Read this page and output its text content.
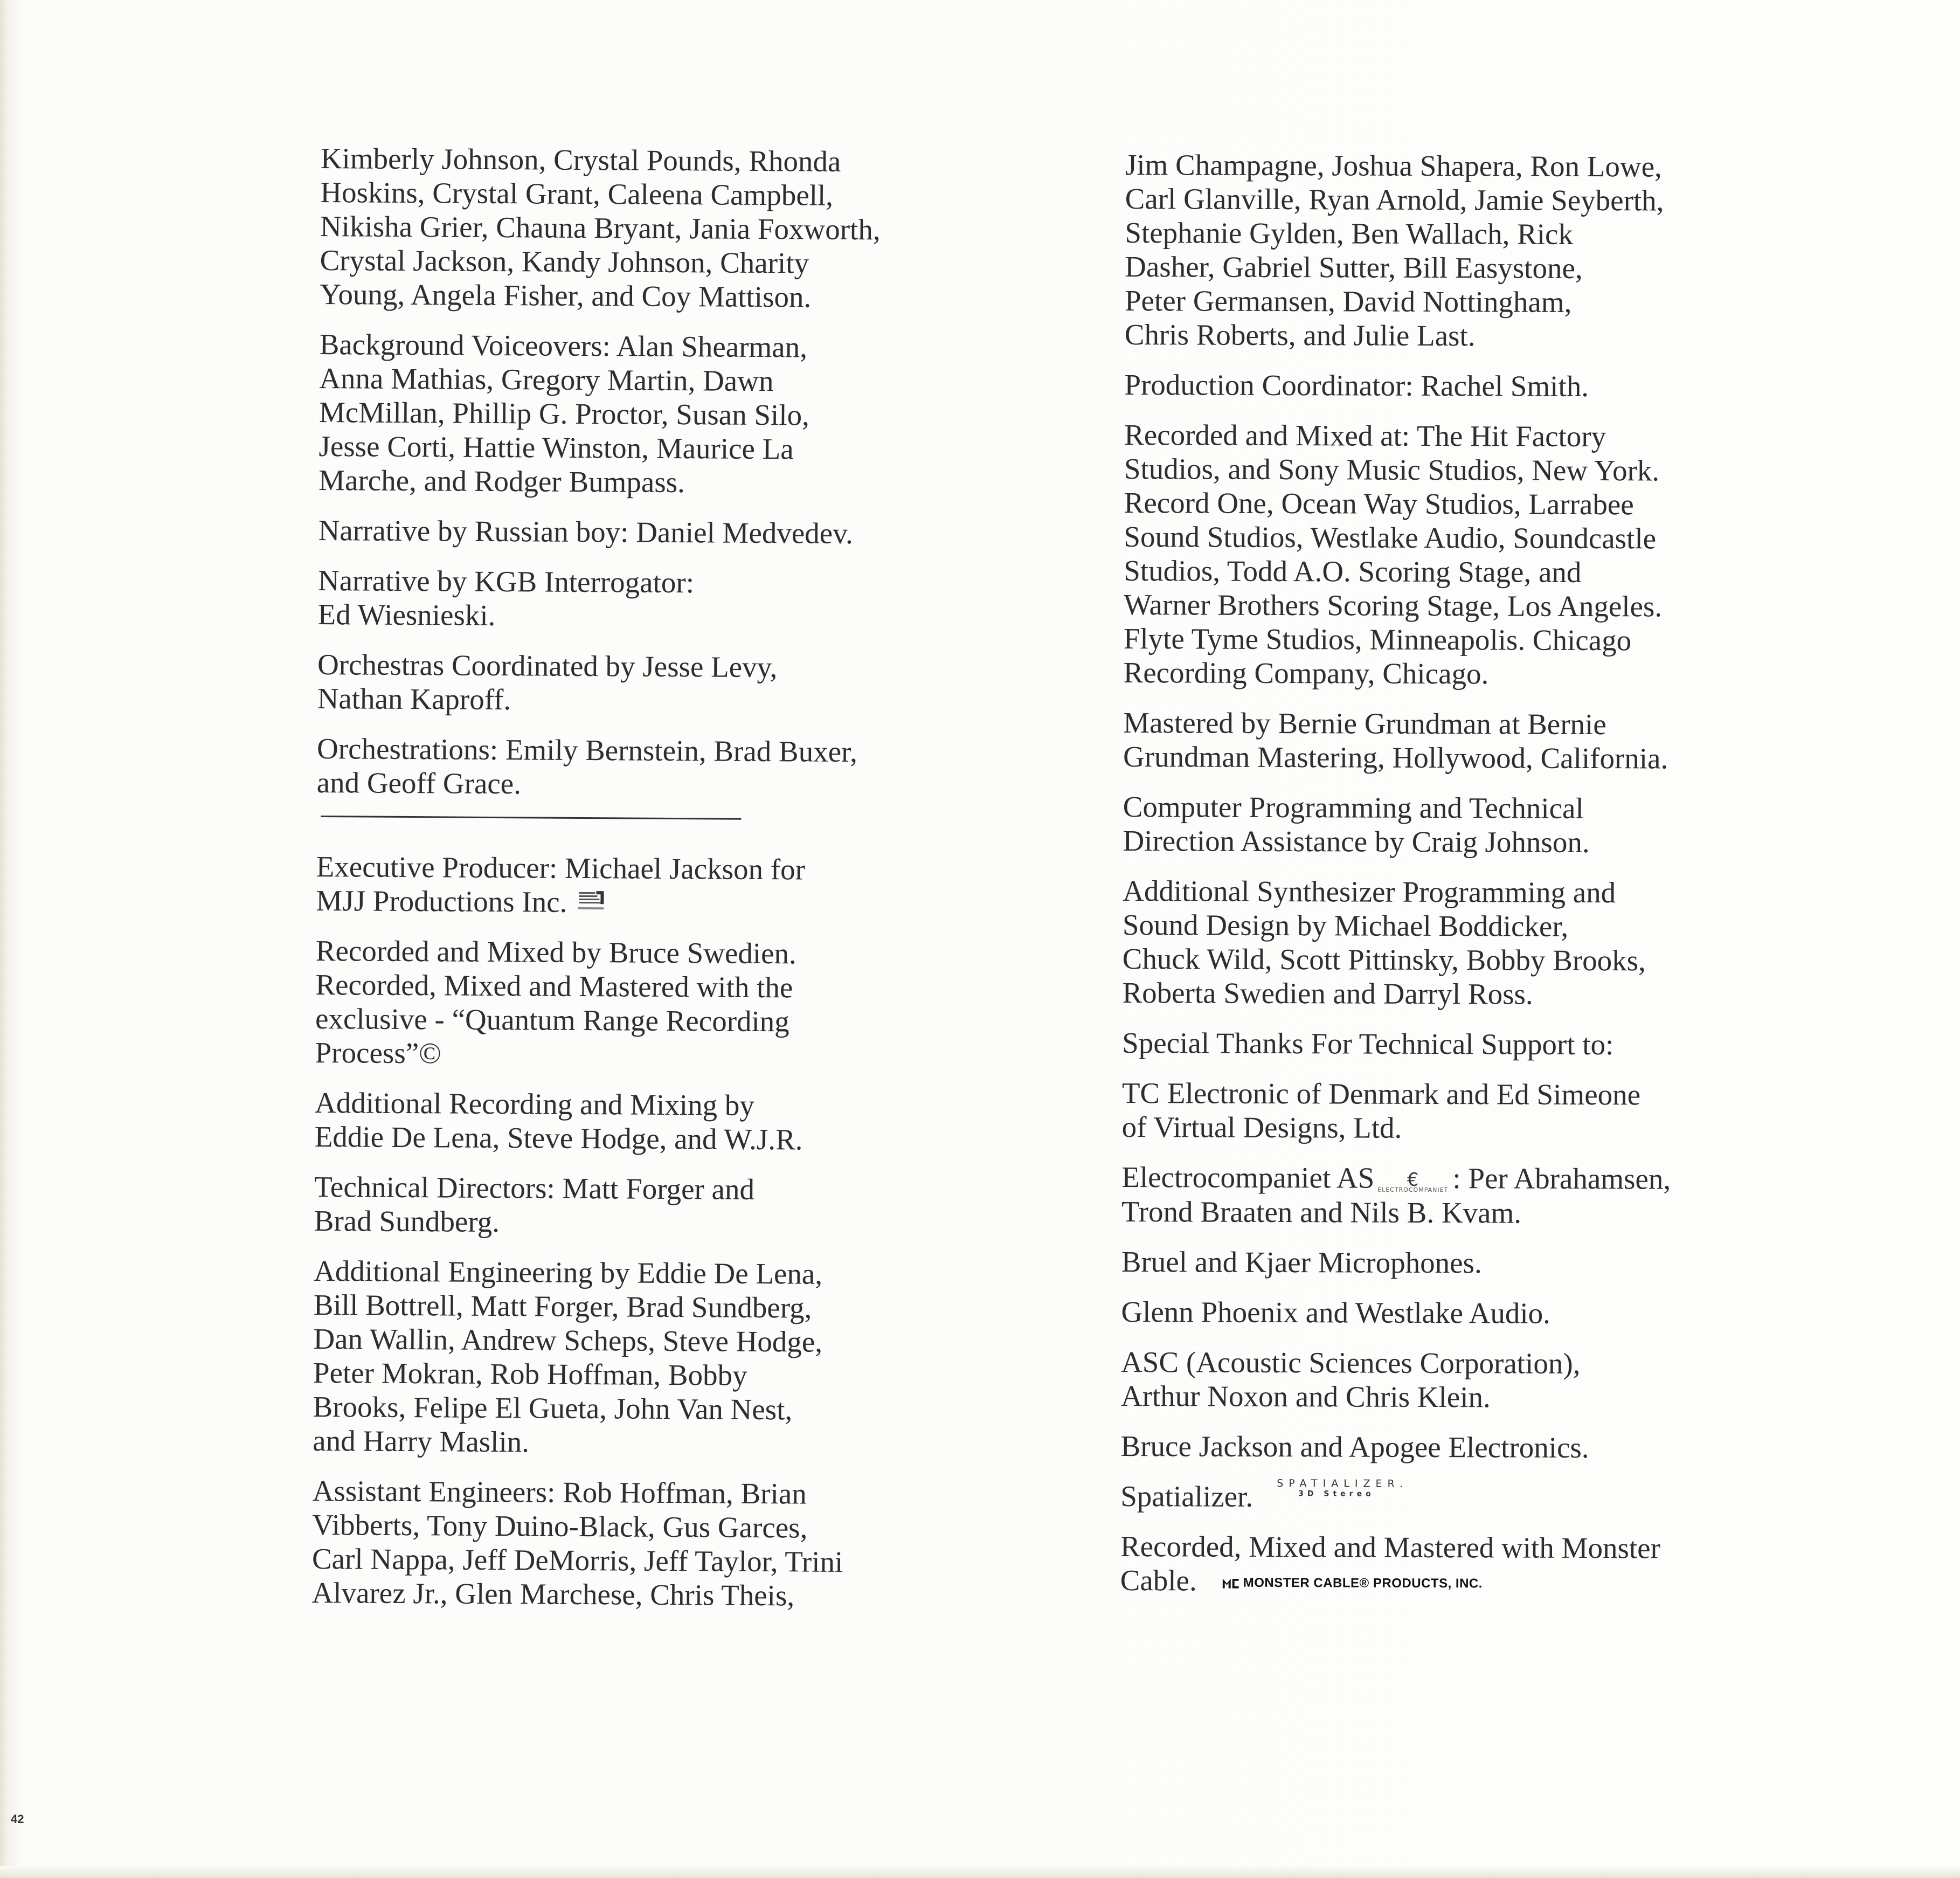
Kimberly Johnson, Crystal Pounds, Rhonda
Hoskins, Crystal Grant, Caleena Campbell,
Nikisha Grier, Chauna Bryant, Jania Foxworth,
Crystal Jackson, Kandy Johnson, Charity
Young, Angela Fisher, and Coy Mattison.

Background Voiceovers: Alan Shearman,
Anna Mathias, Gregory Martin, Dawn
McMillan, Phillip G. Proctor, Susan Silo,
Jesse Corti, Hattie Winston, Maurice La
Marche, and Rodger Bumpass.

Narrative by Russian boy: Daniel Medvedev.

Narrative by KGB Interrogator:
Ed Wiesnieski.

Orchestras Coordinated by Jesse Levy,
Nathan Kaproff.

Orchestrations: Emily Bernstein, Brad Buxer,
and Geoff Grace.

Executive Producer: Michael Jackson for
MJJ Productions Inc.

Recorded and Mixed by Bruce Swedien.
Recorded, Mixed and Mastered with the
exclusive - “Quantum Range Recording
Process”©

Additional Recording and Mixing by
Eddie De Lena, Steve Hodge, and W.J.R.

Technical Directors: Matt Forger and
Brad Sundberg.

Additional Engineering by Eddie De Lena,
Bill Bottrell, Matt Forger, Brad Sundberg,
Dan Wallin, Andrew Scheps, Steve Hodge,
Peter Mokran, Rob Hoffman, Bobby
Brooks, Felipe El Gueta, John Van Nest,
and Harry Maslin.

Assistant Engineers: Rob Hoffman, Brian
Vibberts, Tony Duino-Black, Gus Garces,
Carl Nappa, Jeff DeMorris, Jeff Taylor, Trini
Alvarez Jr., Glen Marchese, Chris Theis,

Jim Champagne, Joshua Shapera, Ron Lowe,
Carl Glanville, Ryan Arnold, Jamie Seyberth,
Stephanie Gylden, Ben Wallach, Rick
Dasher, Gabriel Sutter, Bill Easystone,
Peter Germansen, David Nottingham,
Chris Roberts, and Julie Last.

Production Coordinator: Rachel Smith.

Recorded and Mixed at: The Hit Factory
Studios, and Sony Music Studios, New York.
Record One, Ocean Way Studios, Larrabee
Sound Studios, Westlake Audio, Soundcastle
Studios, Todd A.O. Scoring Stage, and
Warner Brothers Scoring Stage, Los Angeles.
Flyte Tyme Studios, Minneapolis. Chicago
Recording Company, Chicago.

Mastered by Bernie Grundman at Bernie
Grundman Mastering, Hollywood, California.

Computer Programming and Technical
Direction Assistance by Craig Johnson.

Additional Synthesizer Programming and
Sound Design by Michael Boddicker,
Chuck Wild, Scott Pittinsky, Bobby Brooks,
Roberta Swedien and Darryl Ross.

Special Thanks For Technical Support to:

TC Electronic of Denmark and Ed Simeone
of Virtual Designs, Ltd.

Electrocompaniet AS €
ELECTROCOMPANIET : Per Abrahamsen,
Trond Braaten and Nils B. Kvam.

Bruel and Kjaer Microphones.

Glenn Phoenix and Westlake Audio.

ASC (Acoustic Sciences Corporation),
Arthur Noxon and Chris Klein.

Bruce Jackson and Apogee Electronics.

Spatializer. SPATIALIZER.
3D Stereo

Recorded, Mixed and Mastered with Monster
Cable.	MONSTER CABLE® PRODUCTS, INC.

42
